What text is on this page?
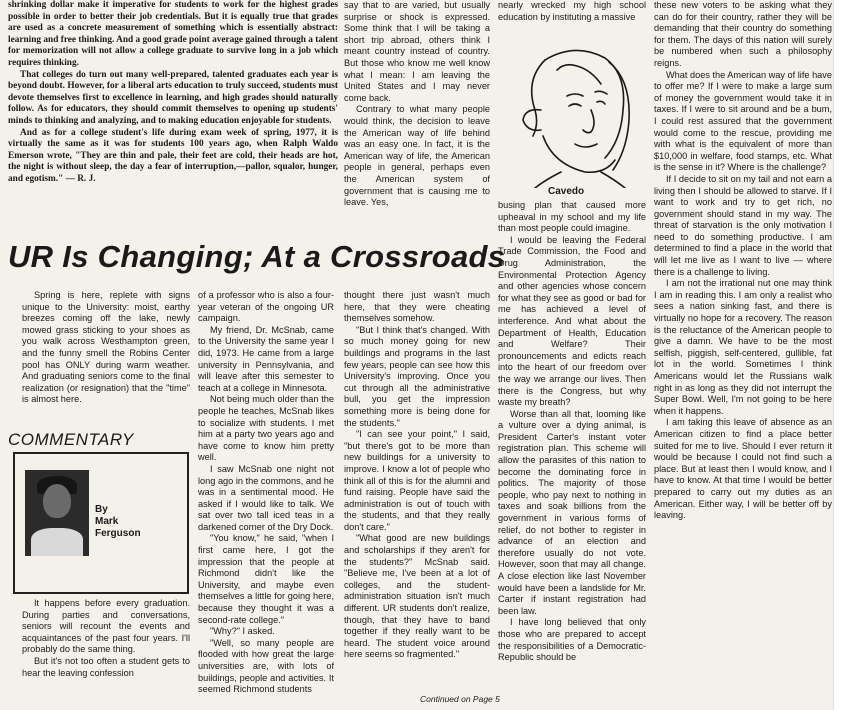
shrinking dollar make it imperative for students to work for the highest grades possible in order to better their job credentials. But it is equally true that grades are used as a concrete measurement of something which is essentially abstract: learning and free thinking. And a good grade point average gained through a talent for memorization will not allow a college graduate to survive long in a job which requires thinking.

That colleges do turn out many well-prepared, talented graduates each year is beyond doubt. However, for a liberal arts education to truly succeed, students must devote themselves first to excellence in learning, and high grades should naturally follow. As for educators, they should commit themselves to opening up students' minds to thinking and analyzing, and to making education enjoyable for students.

And as for a college student's life during exam week of spring, 1977, it is virtually the same as it was for students 100 years ago, when Ralph Waldo Emerson wrote, "They are thin and pale, their feet are cold, their heads are hot, the night is without sleep, the day a fear of interruption,—pallor, squalor, hunger, and egotism." — R. J.

say that to are varied, but usually surprise or shock is expressed. Some think that I will be taking a short trip abroad, others think I meant country instead of country. But those who know me well know what I mean: I am leaving the United States and I may never come back.

Contrary to what many people would think, the decision to leave the American way of life behind was an easy one. In fact, it is the American way of life, the American people in general, perhaps even the American system of government that is causing me to leave. Yes,

UR Is Changing; At a Crossroads

Spring is here, replete with signs unique to the University: moist, earthy breezes coming off the lake, newly mowed grass sticking to your shoes as you walk across Westhampton green, and the funny smell the Robins Center pool has ONLY during warm weather. And graduating seniors come to the final realization (or resignation) that the "time" is almost here.

COMMENTARY
By
Mark
Ferguson

It happens before every graduation. During parties and conversations, seniors will recount the events and acquaintances of the past four years. I'll probably do the same thing.

But it's not too often a student gets to hear the leaving confession

of a professor who is also a four-year veteran of the ongoing UR campaign.

My friend, Dr. McSnab, came to the University the same year I did, 1973. He came from a large university in Pennsylvania, and will leave after this semester to teach at a college in Minnesota.

Not being much older than the people he teaches, McSnab likes to socialize with students. I met him at a party two years ago and have come to know him pretty well.

I saw McSnab one night not long ago in the commons, and he was in a sentimental mood. He asked if I would like to talk. We sat over two tall iced teas in a darkened corner of the Dry Dock.

"You know," he said, "when I first came here, I got the impression that the people at Richmond didn't like the University, and maybe even themselves a little for going here, because they thought it was a second-rate college."

"Why?" I asked.

"Well, so many people are flooded with how great the large universities are, with lots of buildings, people and activities. It seemed Richmond students

thought there just wasn't much here, that they were cheating themselves somehow.

"But I think that's changed. With so much money going for new buildings and programs in the last few years, people can see how this University's improving. Once you cut through all the administrative bull, you get the impression something more is being done for the students."

"I can see your point," I said, "but there's got to be more than new buildings for a university to improve. I know a lot of people who think all of this is for the alumni and fund raising. People have said the administration is out of touch with the students, and that they really don't care."

"What good are new buildings and scholarships if they aren't for the students?" McSnab said. "Believe me, I've been at a lot of colleges, and the student-administration situation isn't much different. UR students don't realize, though, that they have to band together if they really want to be heard. The student voice around here seems so fragmented."

Continued on Page 5

nearly wrecked my high school education by instituting a massive

Cavedo

busing plan that caused more upheaval in my school and my life than most people could imagine.

I would be leaving the Federal Trade Commission, the Food and Drug Administration, the Environmental Protection Agency and other agencies whose concern for what they see as good or bad for me has achieved a level of interference. And what about the Department of Health, Education and Welfare? Their pronouncements and edicts reach into the heart of our freedom over the way we arrange our lives. Then there is the Congress, but why waste my breath?

Worse than all that, looming like a vulture over a dying animal, is President Carter's instant voter registration plan. This scheme will allow the parasites of this nation to become the dominating force in politics. The majority of those people, who pay next to nothing in taxes and soak billions from the government in various forms of relief, do not bother to register in advance of an election and therefore usually do not vote. However, soon that may all change. A close election like last November would have been a landslide for Mr. Carter if instant registration had been law.

I have long believed that only those who are prepared to accept the responsibilities of a Democratic-Republic should be

these new voters to be asking what they can do for their country, rather they will be demanding that their country do something for them. The days of this nation will surely be numbered when such a philosophy reigns.

What does the American way of life have to offer me? If I were to make a large sum of money the government would take it in taxes. If I were to sit around and be a bum, I could rest assured that the government would come to the rescue, providing me with what is the equivalent of more than $10,000 in welfare, food stamps, etc. What is the sense in it? Where is the challenge?

If I decide to sit on my tail and not earn a living then I should be allowed to starve. If I want to work and try to get rich, no government should stand in my way. The threat of starvation is the only motivation I need to do something productive. I am determined to find a place in the world that will let me live as I want to live — where there is a challenge to living.

I am not the irrational nut one may think I am in reading this. I am only a realist who sees a nation sinking fast, and there is virtually no hope for a recovery. The reason is the reluctance of the American people to give a damn. We have to be the most selfish, piggish, self-centered, gullible, fat lot in the world. Sometimes I think Americans would let the Russians walk right in as long as they did not interrupt the Super Bowl. Well, I'm not going to be here when it happens.

I am taking this leave of absence as an American citizen to find a place better suited for me to live. Should I ever return it would be because I could not find such a place. But at least then I would know, and I have to know. At that time I would be better prepared to carry out my duties as an American. Either way, I will be better off by leaving.
